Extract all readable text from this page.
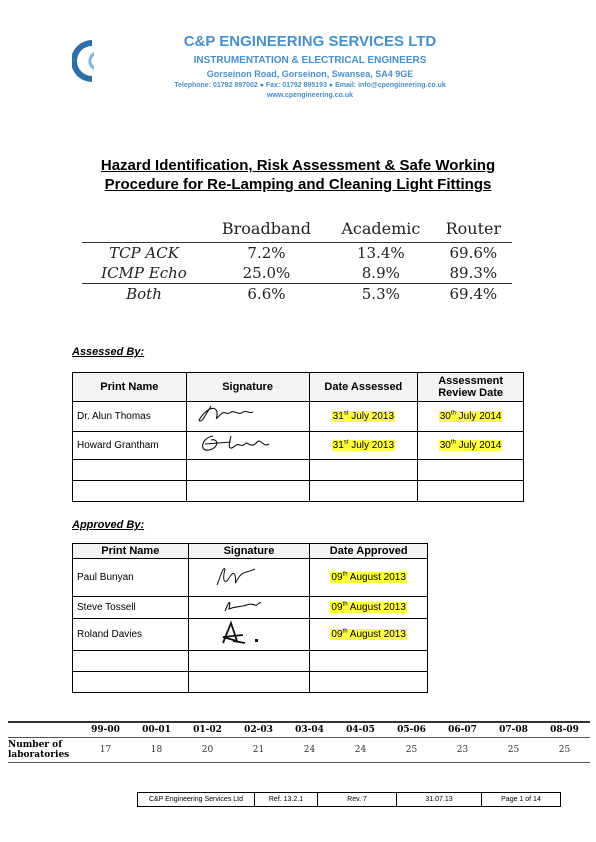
C&P ENGINEERING SERVICES LTD
INSTRUMENTATION & ELECTRICAL ENGINEERS
Gorseinon Road, Gorseinon, Swansea, SA4 9GE
Telephone: 01792 897002 ● Fax: 01792 895193 ● Email: info@cpengineering.co.uk
www.cpengineering.co.uk
Hazard Identification, Risk Assessment & Safe Working
Procedure for Re-Lamping and Cleaning Light Fittings
	Broadband	Academic	Router
TCP ACK	7.2%	13.4%	69.6%
ICMP Echo	25.0%	8.9%	89.3%
Both	6.6%	5.3%	69.4%
Assessed By:
Print Name	Signature	Date Assessed	Assessment Review Date
Dr. Alun Thomas		31st July 2013	30th July 2014
Howard Grantham		31st July 2013	30th July 2014

Approved By:
Print Name	Signature	Date Approved
Paul Bunyan		09th August 2013
Steve Tossell		09th August 2013
Roland Davies		09th August 2013

	99-00	00-01	01-02	02-03	03-04	04-05	05-06	06-07	07-08	08-09
Number of
laboratories	17	18	20	21	24	24	25	23	25	25
C&P Engineering Services Ltd	Ref. 13.2.1	Rev. 7	31.07.13	Page 1 of 14
